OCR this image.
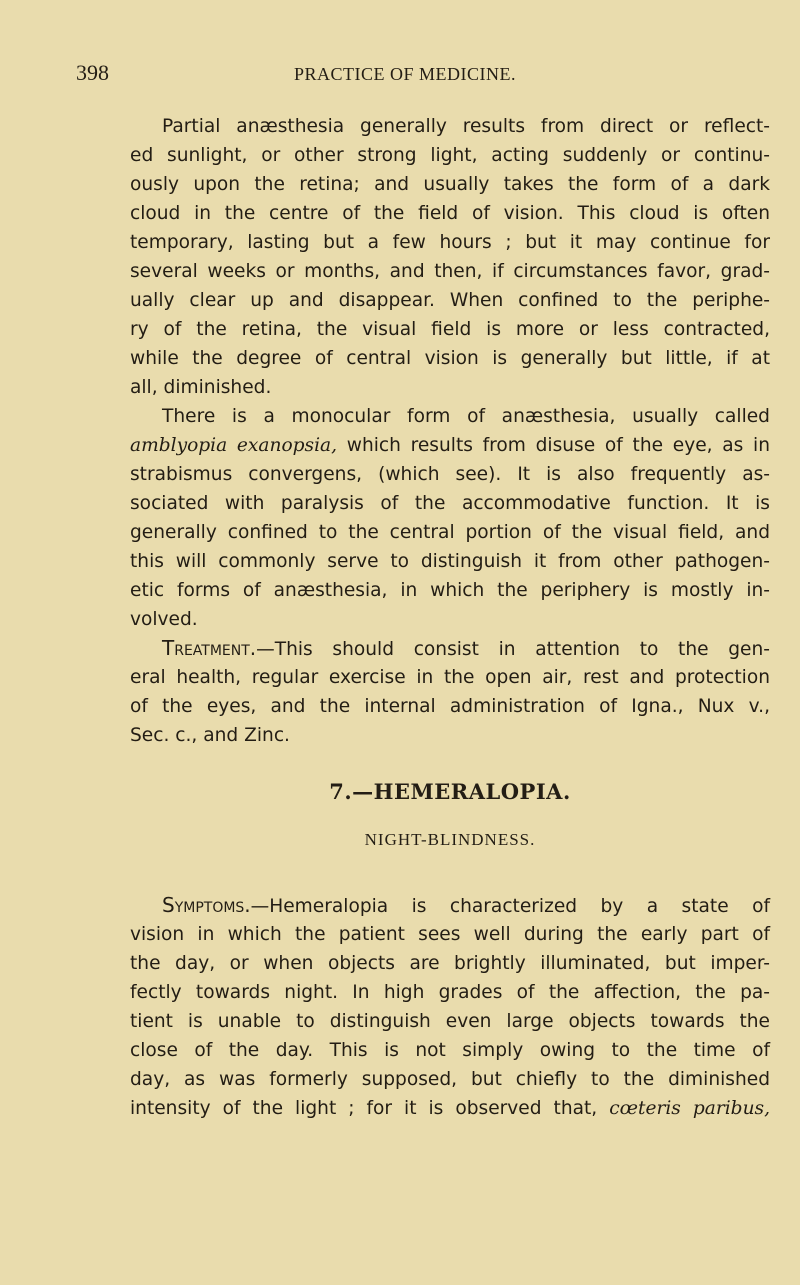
398	PRACTICE OF MEDICINE.
Partial anæsthesia generally results from direct or reflect-
ed sunlight, or other strong light, acting suddenly or continu-
ously upon the retina; and usually takes the form of a dark
cloud in the centre of the field of vision. This cloud is often
temporary, lasting but a few hours ; but it may continue for
several weeks or months, and then, if circumstances favor, grad-
ually clear up and disappear. When confined to the periphe-
ry of the retina, the visual field is more or less contracted,
while the degree of central vision is generally but little, if at
all, diminished.
There is a monocular form of anæsthesia, usually called
amblyopia exanopsia, which results from disuse of the eye, as in
strabismus convergens, (which see). It is also frequently as-
sociated with paralysis of the accommodative function. It is
generally confined to the central portion of the visual field, and
this will commonly serve to distinguish it from other pathogen-
etic forms of anæsthesia, in which the periphery is mostly in-
volved.
Treatment.—This should consist in attention to the gen-
eral health, regular exercise in the open air, rest and protection
of the eyes, and the internal administration of Igna., Nux v.,
Sec. c., and Zinc.
7.—HEMERALOPIA.
NIGHT-BLINDNESS.
Symptoms.—Hemeralopia is characterized by a state of
vision in which the patient sees well during the early part of
the day, or when objects are brightly illuminated, but imper-
fectly towards night. In high grades of the affection, the pa-
tient is unable to distinguish even large objects towards the
close of the day. This is not simply owing to the time of
day, as was formerly supposed, but chiefly to the diminished
intensity of the light ; for it is observed that, cœteris paribus,
